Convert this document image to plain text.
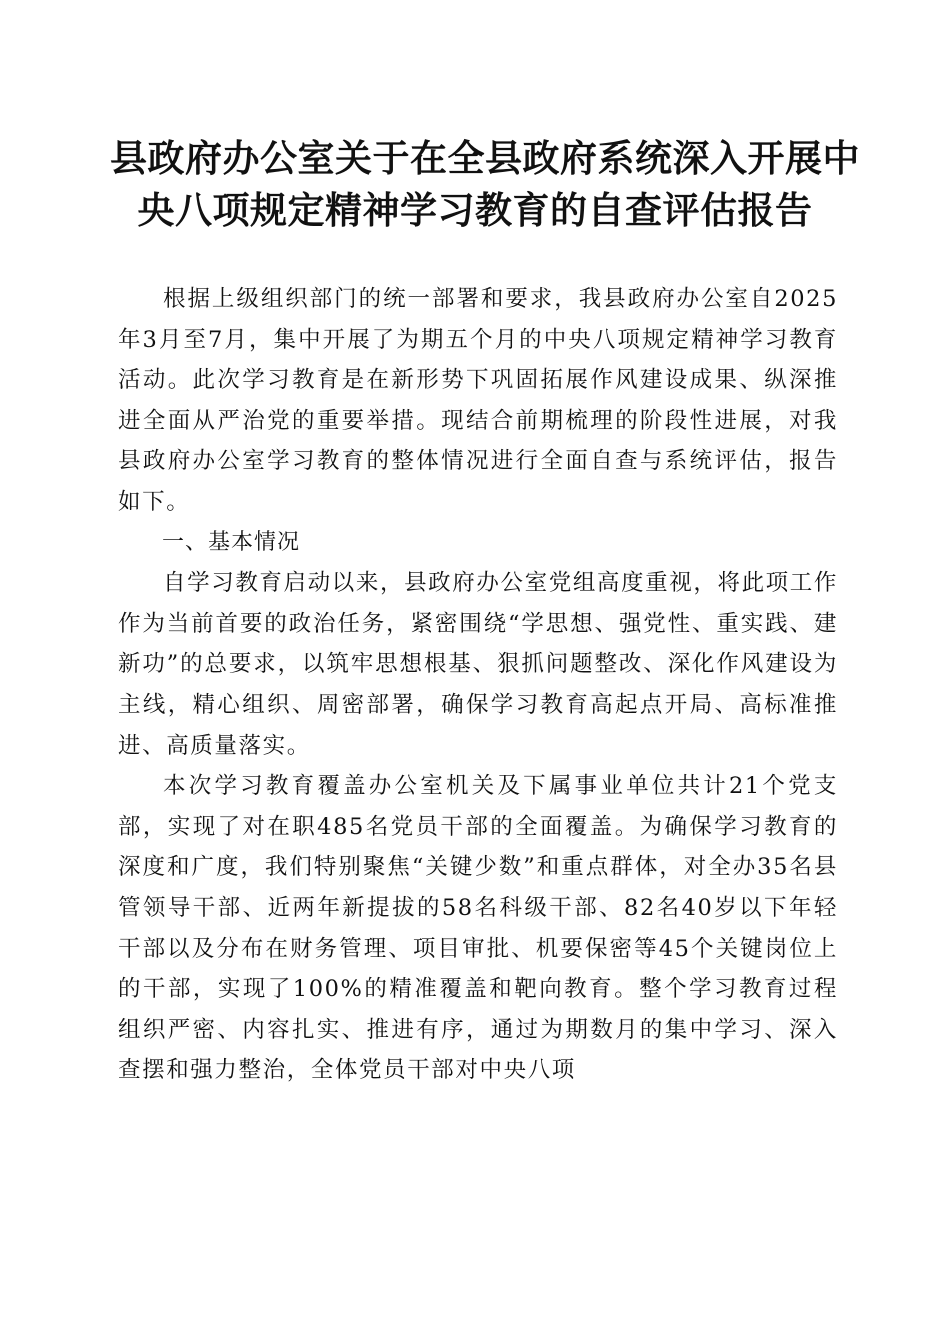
县政府办公室关于在全县政府系统深入开展中
央八项规定精神学习教育的自查评估报告

根据上级组织部门的统一部署和要求，我县政府办公室自2025年3月至7月，集中开展了为期五个月的中央八项规定精神学习教育活动。此次学习教育是在新形势下巩固拓展作风建设成果、纵深推进全面从严治党的重要举措。现结合前期梳理的阶段性进展，对我县政府办公室学习教育的整体情况进行全面自查与系统评估，报告如下。

一、基本情况

自学习教育启动以来，县政府办公室党组高度重视，将此项工作作为当前首要的政治任务，紧密围绕“学思想、强党性、重实践、建新功”的总要求，以筑牢思想根基、狠抓问题整改、深化作风建设为主线，精心组织、周密部署，确保学习教育高起点开局、高标准推进、高质量落实。

本次学习教育覆盖办公室机关及下属事业单位共计21个党支部，实现了对在职485名党员干部的全面覆盖。为确保学习教育的深度和广度，我们特别聚焦“关键少数”和重点群体，对全办35名县管领导干部、近两年新提拔的58名科级干部、82名40岁以下年轻干部以及分布在财务管理、项目审批、机要保密等45个关键岗位上的干部，实现了100%的精准覆盖和靶向教育。整个学习教育过程组织严密、内容扎实、推进有序，通过为期数月的集中学习、深入查摆和强力整治，全体党员干部对中央八项
